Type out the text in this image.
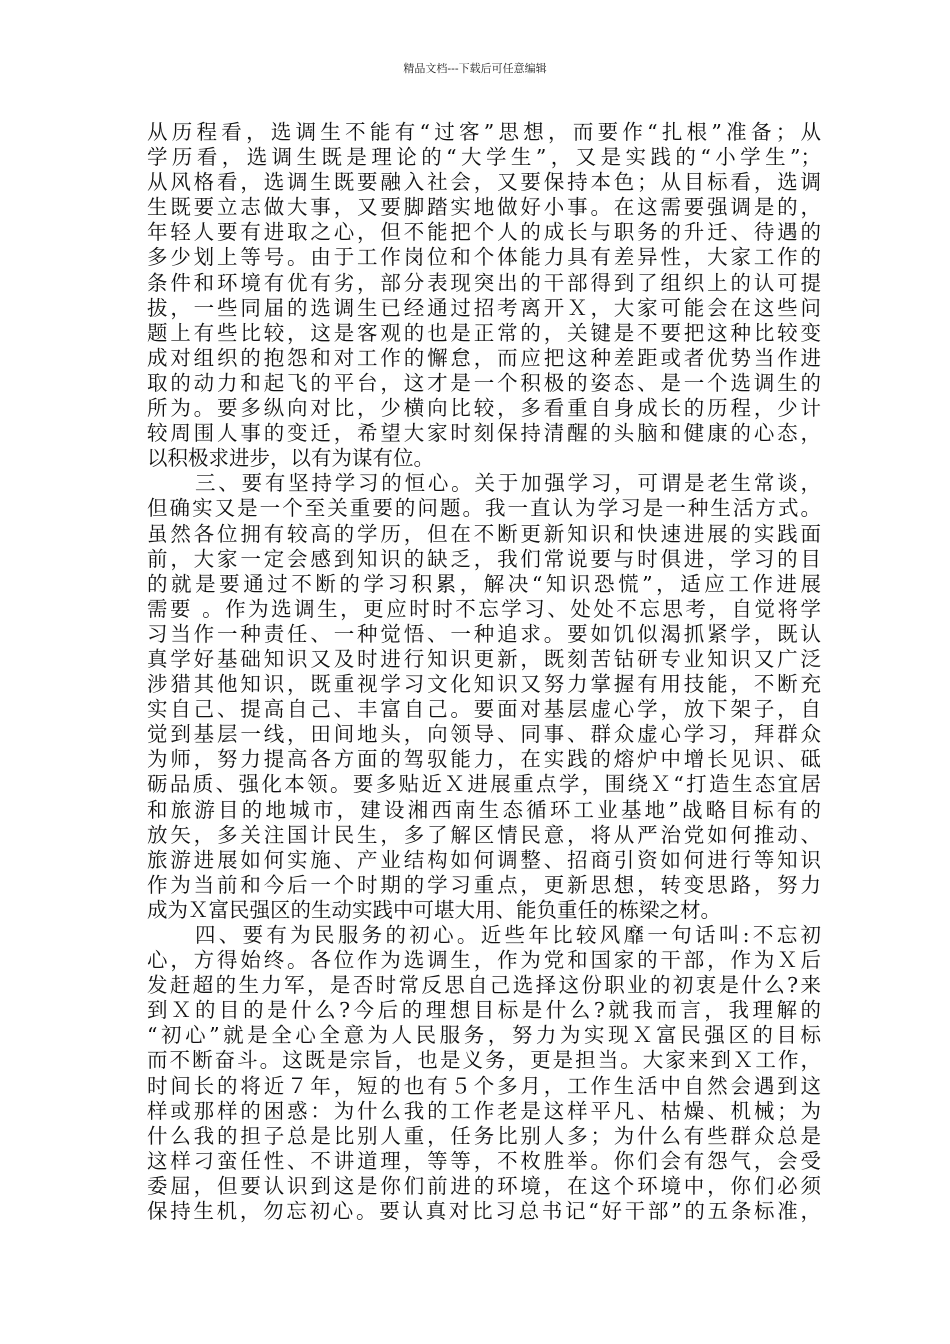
精品文档---下载后可任意编辑
从历程看，选调生不能有“过客”思想，而要作“扎根”准备；从
学历看，选调生既是理论的“大学生”，又是实践的“小学生”；
从风格看，选调生既要融入社会，又要保持本色；从目标看，选调
生既要立志做大事，又要脚踏实地做好小事。在这需要强调是的，
年轻人要有进取之心，但不能把个人的成长与职务的升迁、待遇的
多少划上等号。由于工作岗位和个体能力具有差异性，大家工作的
条件和环境有优有劣，部分表现突出的干部得到了组织上的认可提
拔，一些同届的选调生已经通过招考离开Ｘ，大家可能会在这些问
题上有些比较，这是客观的也是正常的，关键是不要把这种比较变
成对组织的抱怨和对工作的懈怠，而应把这种差距或者优势当作进
取的动力和起飞的平台，这才是一个积极的姿态、是一个选调生的
所为。要多纵向对比，少横向比较，多看重自身成长的历程，少计
较周围人事的变迁，希望大家时刻保持清醒的头脑和健康的心态，
以积极求进步，以有为谋有位。
三、要有坚持学习的恒心。关于加强学习，可谓是老生常谈，
但确实又是一个至关重要的问题。我一直认为学习是一种生活方式。
虽然各位拥有较高的学历，但在不断更新知识和快速进展的实践面
前，大家一定会感到知识的缺乏，我们常说要与时俱进，学习的目
的就是要通过不断的学习积累，解决“知识恐慌”，适应工作进展
需要 。作为选调生，更应时时不忘学习、处处不忘思考，自觉将学
习当作一种责任、一种觉悟、一种追求。要如饥似渴抓紧学，既认
真学好基础知识又及时进行知识更新，既刻苦钻研专业知识又广泛
涉猎其他知识，既重视学习文化知识又努力掌握有用技能，不断充
实自己、提高自己、丰富自己。要面对基层虚心学，放下架子，自
觉到基层一线，田间地头，向领导、同事、群众虚心学习，拜群众
为师，努力提高各方面的驾驭能力，在实践的熔炉中增长见识、砥
砺品质、强化本领。要多贴近Ｘ进展重点学，围绕Ｘ“打造生态宜居
和旅游目的地城市，建设湘西南生态循环工业基地”战略目标有的
放矢，多关注国计民生，多了解区情民意，将从严治党如何推动、
旅游进展如何实施、产业结构如何调整、招商引资如何进行等知识
作为当前和今后一个时期的学习重点，更新思想，转变思路，努力
成为Ｘ富民强区的生动实践中可堪大用、能负重任的栋梁之材。
四、要有为民服务的初心。近些年比较风靡一句话叫:不忘初
心，方得始终。各位作为选调生，作为党和国家的干部，作为Ｘ后
发赶超的生力军，是否时常反思自己选择这份职业的初衷是什么?来
到Ｘ的目的是什么?今后的理想目标是什么?就我而言，我理解的
“初心”就是全心全意为人民服务，努力为实现Ｘ富民强区的目标
而不断奋斗。这既是宗旨，也是义务，更是担当。大家来到Ｘ工作，
时间长的将近７年，短的也有５个多月，工作生活中自然会遇到这
样或那样的困惑：为什么我的工作老是这样平凡、枯燥、机械；为
什么我的担子总是比别人重，任务比别人多；为什么有些群众总是
这样刁蛮任性、不讲道理，等等，不枚胜举。你们会有怨气，会受
委屈，但要认识到这是你们前进的环境，在这个环境中，你们必须
保持生机，勿忘初心。要认真对比习总书记“好干部”的五条标准，
